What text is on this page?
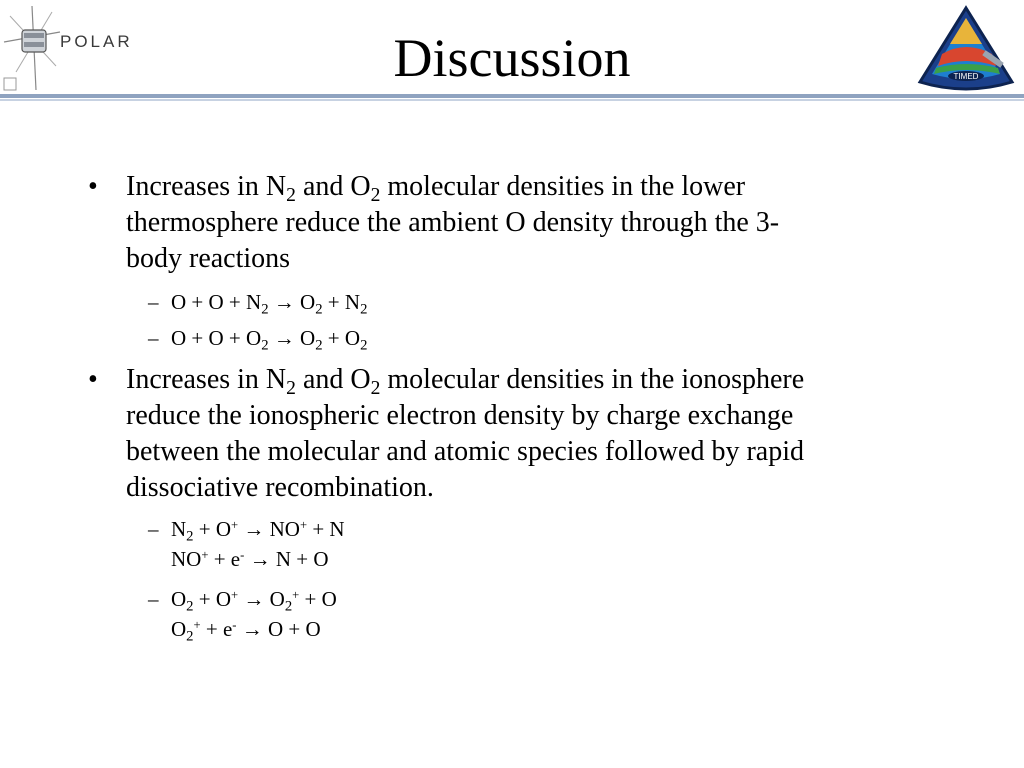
POLAR	Discussion	TIMED
• Increases in $N_2$ and $O_2$ molecular densities in the lower
thermosphere reduce the ambient O density through the 3-
body reactions
– $O + O + N_2 \to O_2 + N_2$
– $O + O + O_2 \to O_2 + O_2$
• Increases in $N_2$ and $O_2$ molecular densities in the ionosphere
reduce the ionospheric electron density by charge exchange
between the molecular and atomic species followed by rapid
dissociative recombination.
– $N_2 + O^+ \to NO^+ + N$
NO+ + e- → N + O
– $O_2 + O^+ \to O_2^+ + O$
$O_2^+ + e^- \to O + O$
